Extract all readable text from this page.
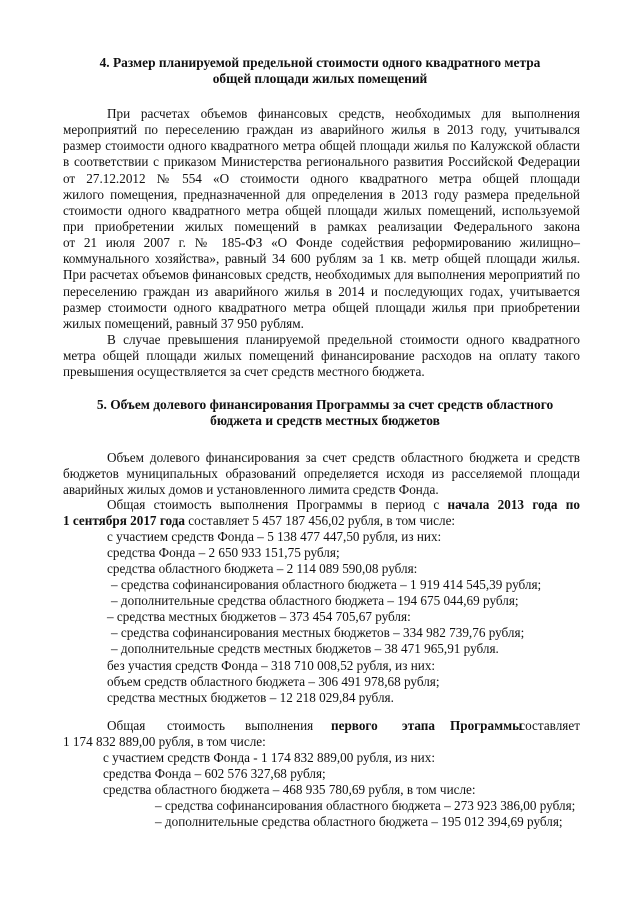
4. Размер планируемой предельной стоимости одного квадратного метра
общей площади жилых помещений
При расчетах объемов финансовых средств, необходимых для выполнения
мероприятий по переселению граждан из аварийного жилья в 2013 году, учитывался
размер стоимости одного квадратного метра общей площади жилья по Калужской области
в соответствии с приказом Министерства регионального развития Российской Федерации
от 27.12.2012 № 554 «О стоимости одного квадратного метра общей площади
жилого помещения, предназначенной для определения в 2013 году размера предельной
стоимости одного квадратного метра общей площади жилых помещений, используемой
при приобретении жилых помещений в рамках реализации Федерального закона
от 21 июля 2007 г. № 185-ФЗ «О Фонде содействия реформированию жилищно–
коммунального хозяйства», равный 34 600 рублям за 1 кв. метр общей площади жилья.
При расчетах объемов финансовых средств, необходимых для выполнения мероприятий по
переселению граждан из аварийного жилья в 2014 и последующих годах, учитывается
размер стоимости одного квадратного метра общей площади жилья при приобретении
жилых помещений, равный 37 950 рублям.
В случае превышения планируемой предельной стоимости одного квадратного
метра общей площади жилых помещений финансирование расходов на оплату такого
превышения осуществляется за счет средств местного бюджета.
5. Объем долевого финансирования Программы за счет средств областного
бюджета и средств местных бюджетов
Объем долевого финансирования за счет средств областного бюджета и средств
бюджетов муниципальных образований определяется исходя из расселяемой площади
аварийных жилых домов и установленного лимита средств Фонда.
Общая стоимость выполнения Программы в период с начала 2013 года по
1 сентября 2017 года составляет 5 457 187 456,02 рубля, в том числе:
с участием средств Фонда – 5 138 477 447,50 рубля, из них:
средства Фонда – 2 650 933 151,75 рубля;
средства областного бюджета – 2 114 089 590,08 рубля:
– средства софинансирования областного бюджета – 1 919 414 545,39 рубля;
– дополнительные средства областного бюджета – 194 675 044,69 рубля;
– средства местных бюджетов – 373 454 705,67 рубля:
– средства софинансирования местных бюджетов – 334 982 739,76 рубля;
– дополнительные средств местных бюджетов – 38 471 965,91 рубля.
без участия средств Фонда – 318 710 008,52 рубля, из них:
объем средств областного бюджета – 306 491 978,68 рубля;
средства местных бюджетов – 12 218 029,84 рубля.
Общая стоимость выполнения первого этапа Программы
составляет
1 174 832 889,00 рубля, в том числе:
с участием средств Фонда - 1 174 832 889,00 рубля, из них:
средства Фонда – 602 576 327,68 рубля;
средства областного бюджета – 468 935 780,69 рубля, в том числе:
– средства софинансирования областного бюджета – 273 923 386,00 рубля;
– дополнительные средства областного бюджета – 195 012 394,69 рубля;
